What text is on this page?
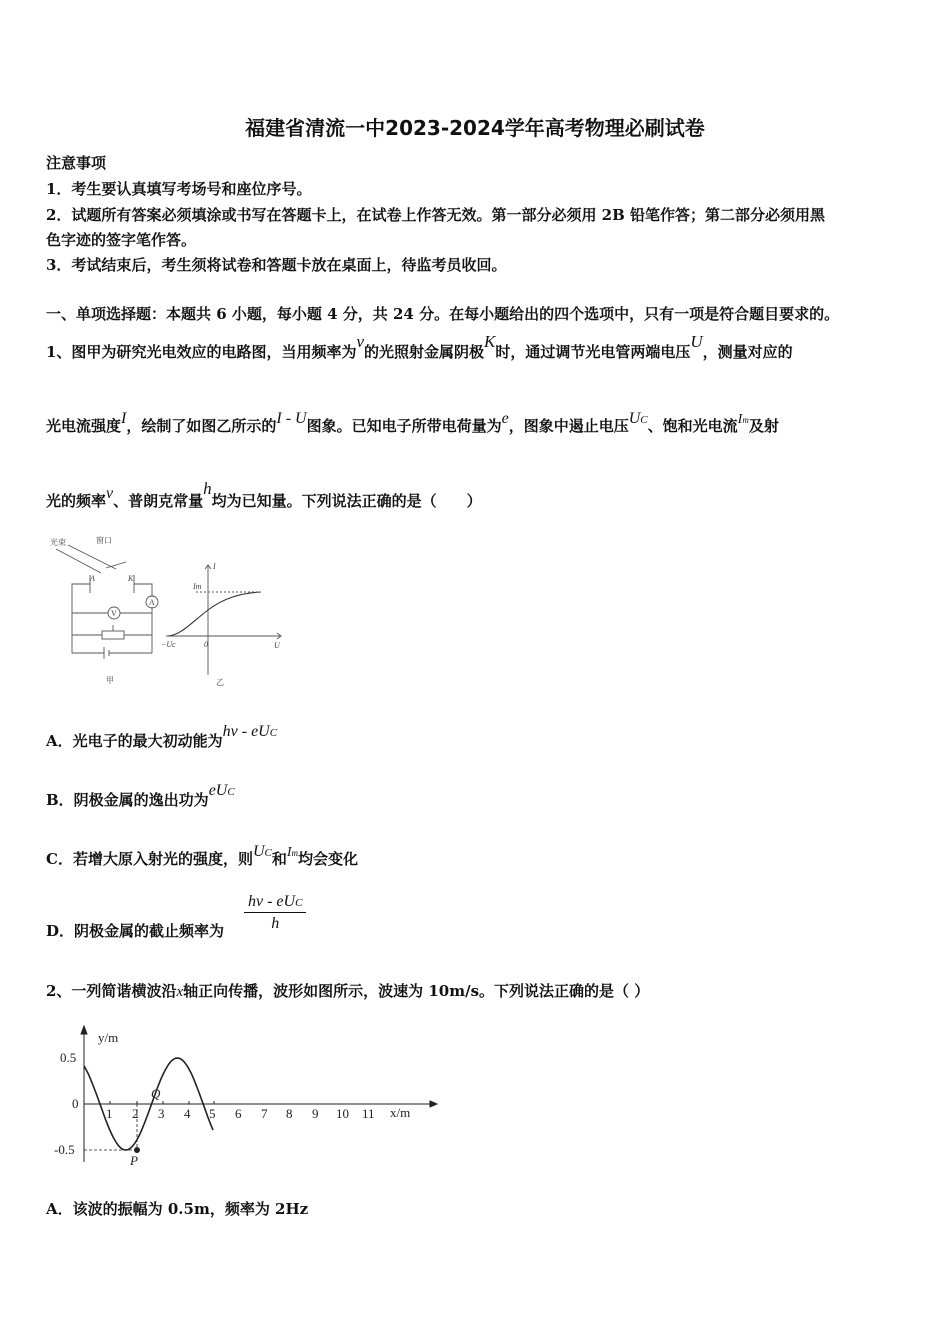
福建省清流一中2023-2024学年高考物理必刷试卷
注意事项
1．考生要认真填写考场号和座位序号。
2．试题所有答案必须填涂或书写在答题卡上，在试卷上作答无效。第一部分必须用 2B 铅笔作答；第二部分必须用黑
色字迹的签字笔作答。
3．考试结束后，考生须将试卷和答题卡放在桌面上，待监考员收回。
一、单项选择题：本题共 6 小题，每小题 4 分，共 24 分。在每小题给出的四个选项中，只有一项是符合题目要求的。
1、图甲为研究光电效应的电路图，当用频率为v的光照射金属阴极K时，通过调节光电管两端电压U，测量对应的
光电流强度I，绘制了如图乙所示的I - U图象。已知电子所带电荷量为e，图象中遏止电压UC、饱和光电流Im及射
光的频率v、普朗克常量h均为已知量。下列说法正确的是（　　）
光束	窗口
A	K
V
A
甲	乙
I
Im
−Uc	0	U
A．光电子的最大初动能为hν - eUC
B．阴极金属的逸出功为eUC
C．若增大原入射光的强度，则UC和Im均会变化
D．阴极金属的截止频率为 $\frac{\text{hν - eUC}}{h}$
2、一列简谐横波沿x轴正向传播，波形如图所示，波速为 10m/s。下列说法正确的是（ ）
y/m
x/m
0.5
0
-0.5
1 2 3 4 5 6 7 8 9 10 11
P
Q
A．该波的振幅为 0.5m，频率为 2Hz
